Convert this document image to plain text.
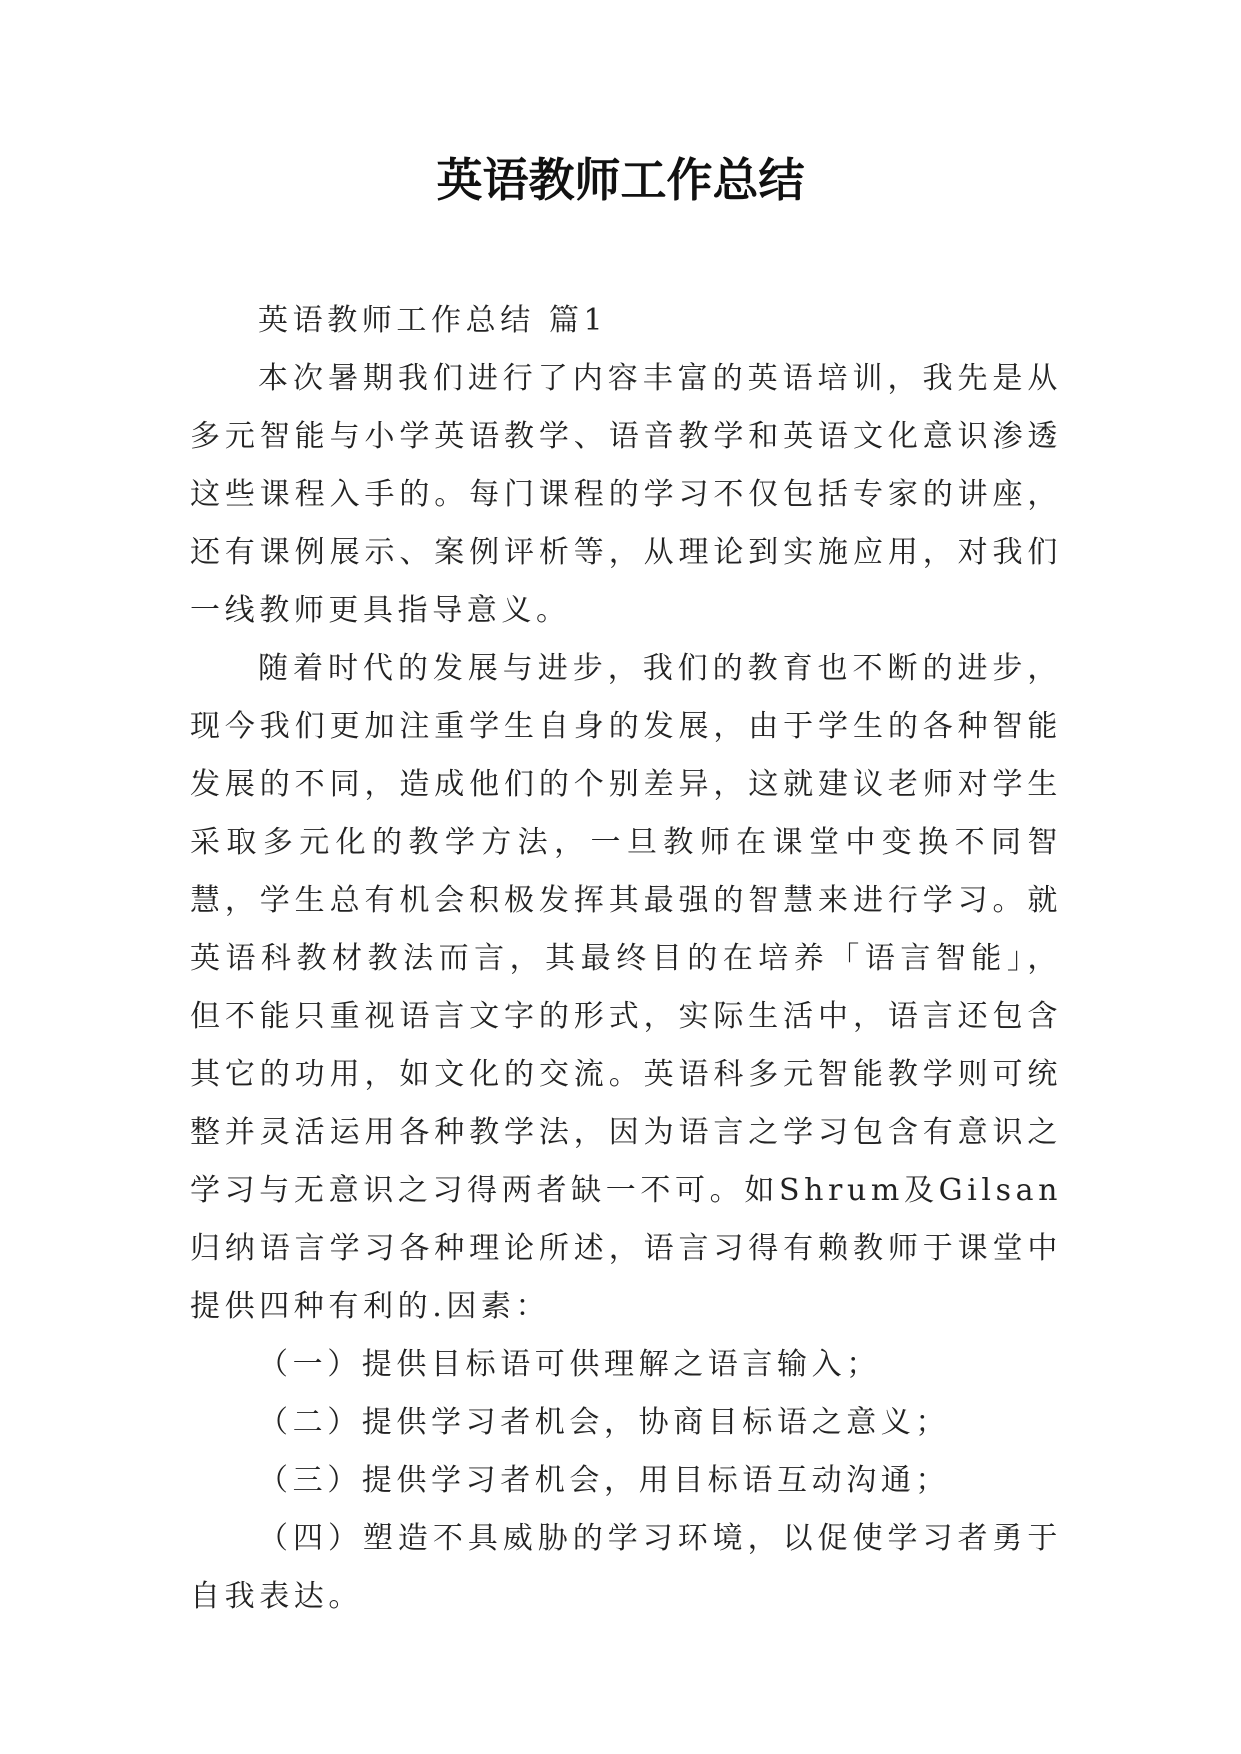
英语教师工作总结

英语教师工作总结 篇1

本次暑期我们进行了内容丰富的英语培训，我先是从多元智能与小学英语教学、语音教学和英语文化意识渗透这些课程入手的。每门课程的学习不仅包括专家的讲座，还有课例展示、案例评析等，从理论到实施应用，对我们一线教师更具指导意义。

随着时代的发展与进步，我们的教育也不断的进步，现今我们更加注重学生自身的发展，由于学生的各种智能发展的不同，造成他们的个别差异，这就建议老师对学生采取多元化的教学方法，一旦教师在课堂中变换不同智慧，学生总有机会积极发挥其最强的智慧来进行学习。就英语科教材教法而言，其最终目的在培养「语言智能」，但不能只重视语言文字的形式，实际生活中，语言还包含其它的功用，如文化的交流。英语科多元智能教学则可统整并灵活运用各种教学法，因为语言之学习包含有意识之学习与无意识之习得两者缺一不可。如Shrum及Gilsan归纳语言学习各种理论所述，语言习得有赖教师于课堂中提供四种有利的.因素：

（一）提供目标语可供理解之语言输入；

（二）提供学习者机会，协商目标语之意义；

（三）提供学习者机会，用目标语互动沟通；

（四）塑造不具威胁的学习环境，以促使学习者勇于自我表达。
